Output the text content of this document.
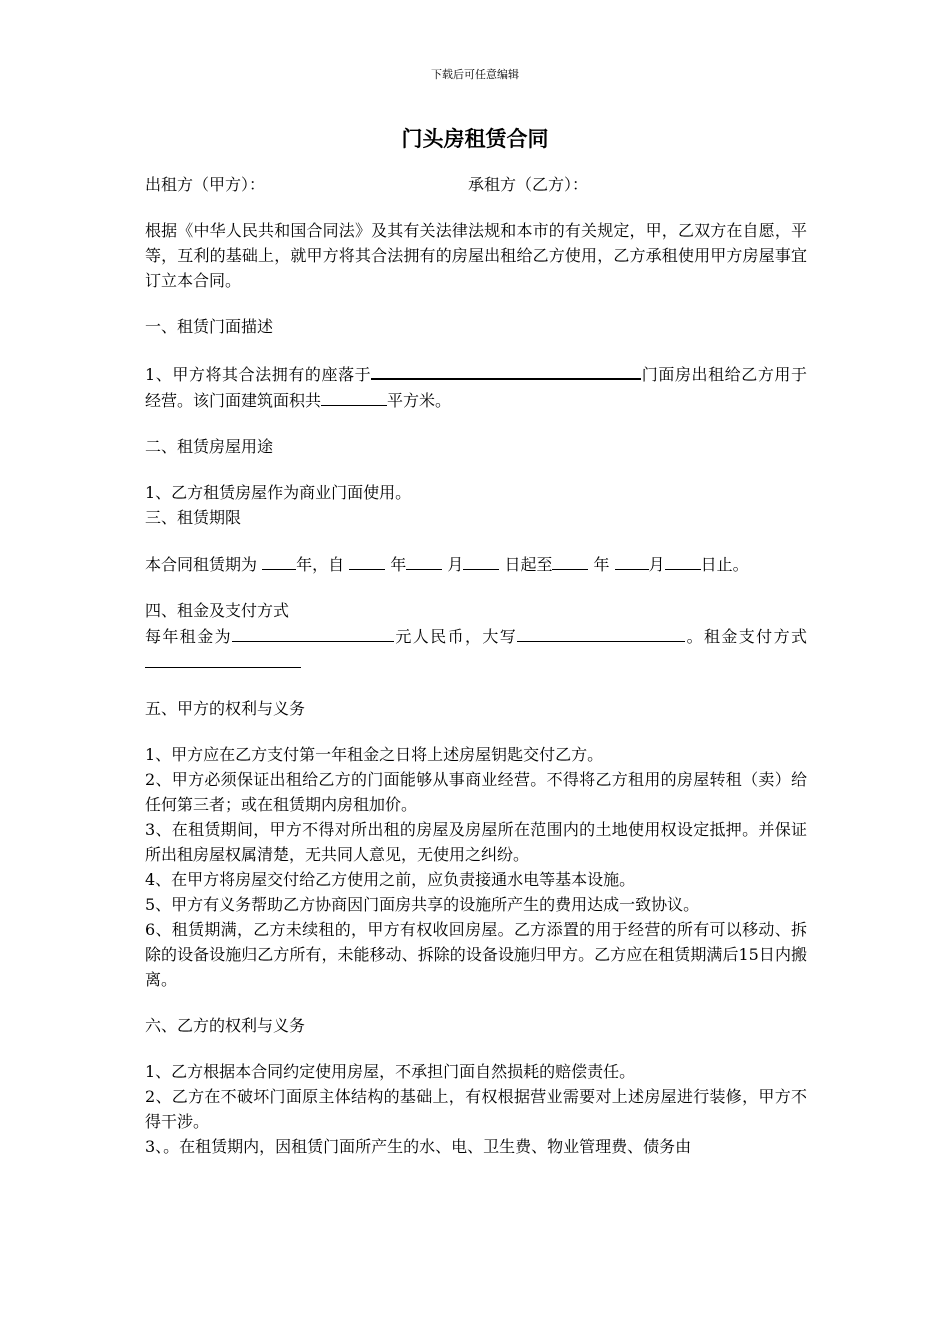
下载后可任意编辑
门头房租赁合同
出租方（甲方）：	承租方（乙方）：

根据《中华人民共和国合同法》及其有关法律法规和本市的有关规定，甲，乙双方在自愿，平等，互利的基础上，就甲方将其合法拥有的房屋出租给乙方使用，乙方承租使用甲方房屋事宜订立本合同。

一、租赁门面描述

1、甲方将其合法拥有的座落于	门面房出租给乙方用于经营。该门面建筑面积共	平方米。

二、租赁房屋用途

1、乙方租赁房屋作为商业门面使用。

三、租赁期限

本合同租赁期为 年，自  年 月 日起至 年 月 日止。

四、租金及支付方式

每年租金为	元人民币，大写	。租金支付方式

五、甲方的权利与义务

1、甲方应在乙方支付第一年租金之日将上述房屋钥匙交付乙方。

2、甲方必须保证出租给乙方的门面能够从事商业经营。不得将乙方租用的房屋转租（卖）给任何第三者；或在租赁期内房租加价。

3、在租赁期间，甲方不得对所出租的房屋及房屋所在范围内的土地使用权设定抵押。并保证所出租房屋权属清楚，无共同人意见，无使用之纠纷。

4、在甲方将房屋交付给乙方使用之前，应负责接通水电等基本设施。

5、甲方有义务帮助乙方协商因门面房共享的设施所产生的费用达成一致协议。

6、租赁期满，乙方未续租的，甲方有权收回房屋。乙方添置的用于经营的所有可以移动、拆除的设备设施归乙方所有，未能移动、拆除的设备设施归甲方。乙方应在租赁期满后15日内搬离。

六、乙方的权利与义务

1、乙方根据本合同约定使用房屋，不承担门面自然损耗的赔偿责任。

2、乙方在不破坏门面原主体结构的基础上，有权根据营业需要对上述房屋进行装修，甲方不得干涉。

3、。在租赁期内，因租赁门面所产生的水、电、卫生费、物业管理费、债务由
